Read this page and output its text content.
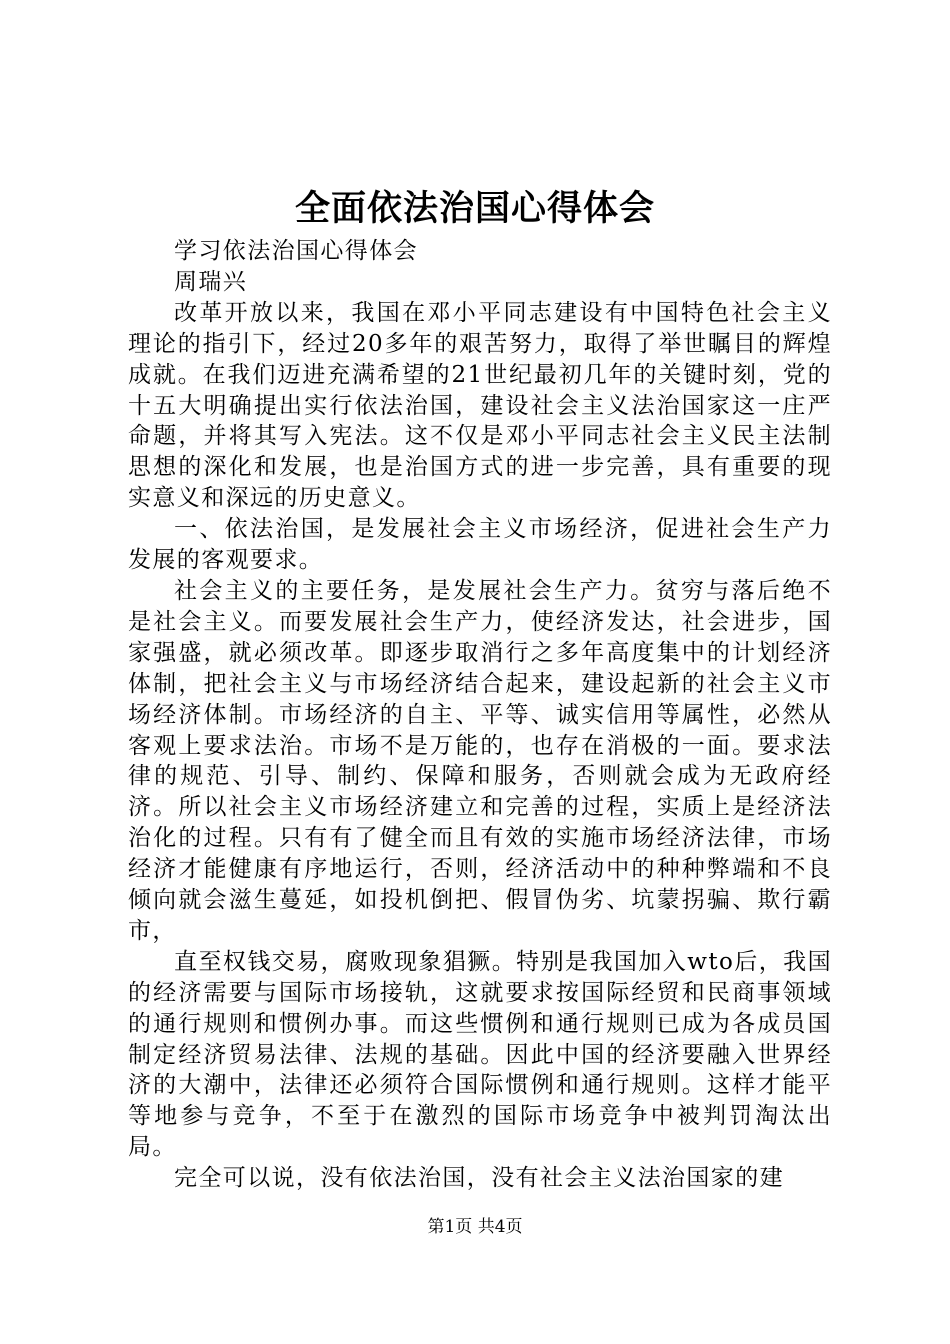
全面依法治国心得体会

学习依法治国心得体会

周瑞兴

改革开放以来，我国在邓小平同志建设有中国特色社会主义理论的指引下，经过20多年的艰苦努力，取得了举世瞩目的辉煌成就。在我们迈进充满希望的21世纪最初几年的关键时刻，党的十五大明确提出实行依法治国，建设社会主义法治国家这一庄严命题，并将其写入宪法。这不仅是邓小平同志社会主义民主法制思想的深化和发展，也是治国方式的进一步完善，具有重要的现实意义和深远的历史意义。

一、依法治国，是发展社会主义市场经济，促进社会生产力发展的客观要求。

社会主义的主要任务，是发展社会生产力。贫穷与落后绝不是社会主义。而要发展社会生产力，使经济发达，社会进步，国家强盛，就必须改革。即逐步取消行之多年高度集中的计划经济体制，把社会主义与市场经济结合起来，建设起新的社会主义市场经济体制。市场经济的自主、平等、诚实信用等属性，必然从客观上要求法治。市场不是万能的，也存在消极的一面。要求法律的规范、引导、制约、保障和服务，否则就会成为无政府经济。所以社会主义市场经济建立和完善的过程，实质上是经济法治化的过程。只有有了健全而且有效的实施市场经济法律，市场经济才能健康有序地运行，否则，经济活动中的种种弊端和不良倾向就会滋生蔓延，如投机倒把、假冒伪劣、坑蒙拐骗、欺行霸市，

直至权钱交易，腐败现象猖獗。特别是我国加入wto后，我国的经济需要与国际市场接轨，这就要求按国际经贸和民商事领域的通行规则和惯例办事。而这些惯例和通行规则已成为各成员国制定经济贸易法律、法规的基础。因此中国的经济要融入世界经济的大潮中，法律还必须符合国际惯例和通行规则。这样才能平等地参与竞争，不至于在激烈的国际市场竞争中被判罚淘汰出局。

完全可以说，没有依法治国，没有社会主义法治国家的建

第1页 共4页
